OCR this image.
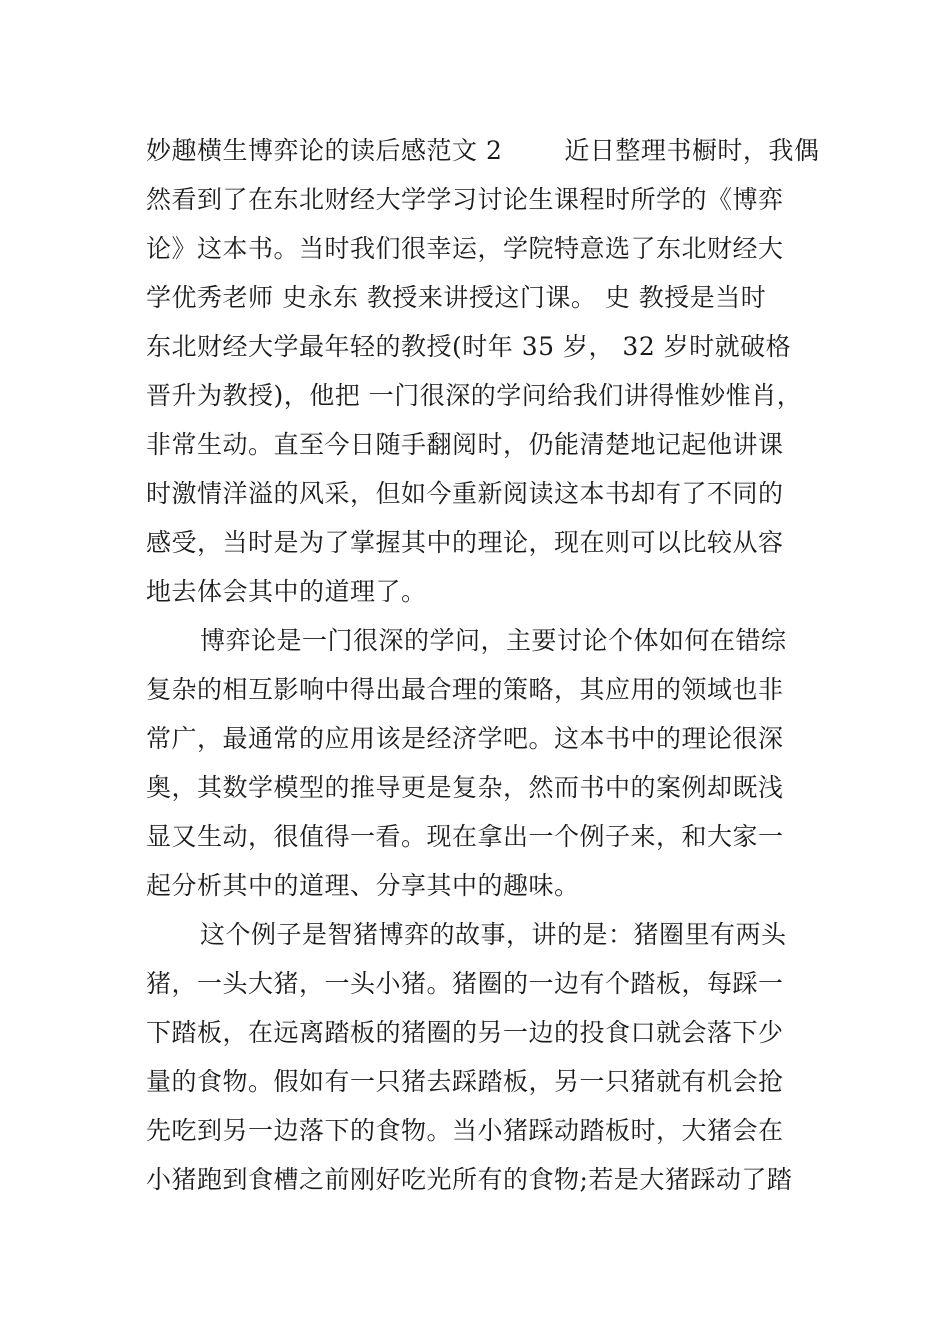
妙趣横生博弈论的读后感范文 2 近日整理书橱时，我偶
然看到了在东北财经大学学习讨论生课程时所学的《博弈
论》这本书。当时我们很幸运，学院特意选了东北财经大
学优秀老师 史永东 教授来讲授这门课。 史 教授是当时
东北财经大学最年轻的教授(时年 35 岁， 32 岁时就破格
晋升为教授)，他把 一门很深的学问给我们讲得惟妙惟肖，
非常生动。直至今日随手翻阅时，仍能清楚地记起他讲课
时激情洋溢的风采，但如今重新阅读这本书却有了不同的
感受，当时是为了掌握其中的理论，现在则可以比较从容
地去体会其中的道理了。
博弈论是一门很深的学问，主要讨论个体如何在错综
复杂的相互影响中得出最合理的策略，其应用的领域也非
常广，最通常的应用该是经济学吧。这本书中的理论很深
奥，其数学模型的推导更是复杂，然而书中的案例却既浅
显又生动，很值得一看。现在拿出一个例子来，和大家一
起分析其中的道理、分享其中的趣味。
这个例子是智猪博弈的故事，讲的是：猪圈里有两头
猪，一头大猪，一头小猪。猪圈的一边有个踏板，每踩一
下踏板，在远离踏板的猪圈的另一边的投食口就会落下少
量的食物。假如有一只猪去踩踏板，另一只猪就有机会抢
先吃到另一边落下的食物。当小猪踩动踏板时，大猪会在
小猪跑到食槽之前刚好吃光所有的食物;若是大猪踩动了踏
